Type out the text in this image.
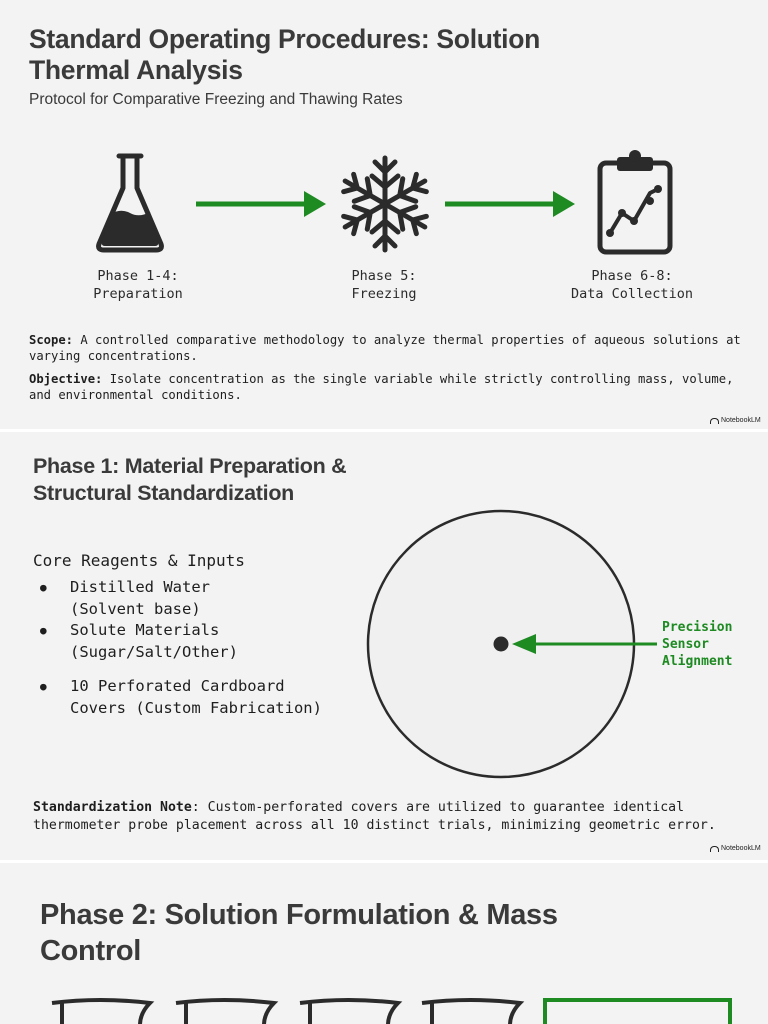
Standard Operating Procedures: Solution Thermal Analysis
Protocol for Comparative Freezing and Thawing Rates
Phase 1-4:
Preparation
Phase 5:
Freezing
Phase 6-8:
Data Collection
Scope: A controlled comparative methodology to analyze thermal properties of aqueous solutions at varying concentrations.
Objective: Isolate concentration as the single variable while strictly controlling mass, volume, and environmental conditions.
NotebookLM
Phase 1: Material Preparation & Structural Standardization
Core Reagents & Inputs
● Distilled Water
(Solvent base)
● Solute Materials
(Sugar/Salt/Other)
● 10 Perforated Cardboard
Covers (Custom Fabrication)
Precision
Sensor
Alignment
Standardization Note: Custom-perforated covers are utilized to guarantee identical thermometer probe placement across all 10 distinct trials, minimizing geometric error.
NotebookLM
Phase 2: Solution Formulation & Mass Control
